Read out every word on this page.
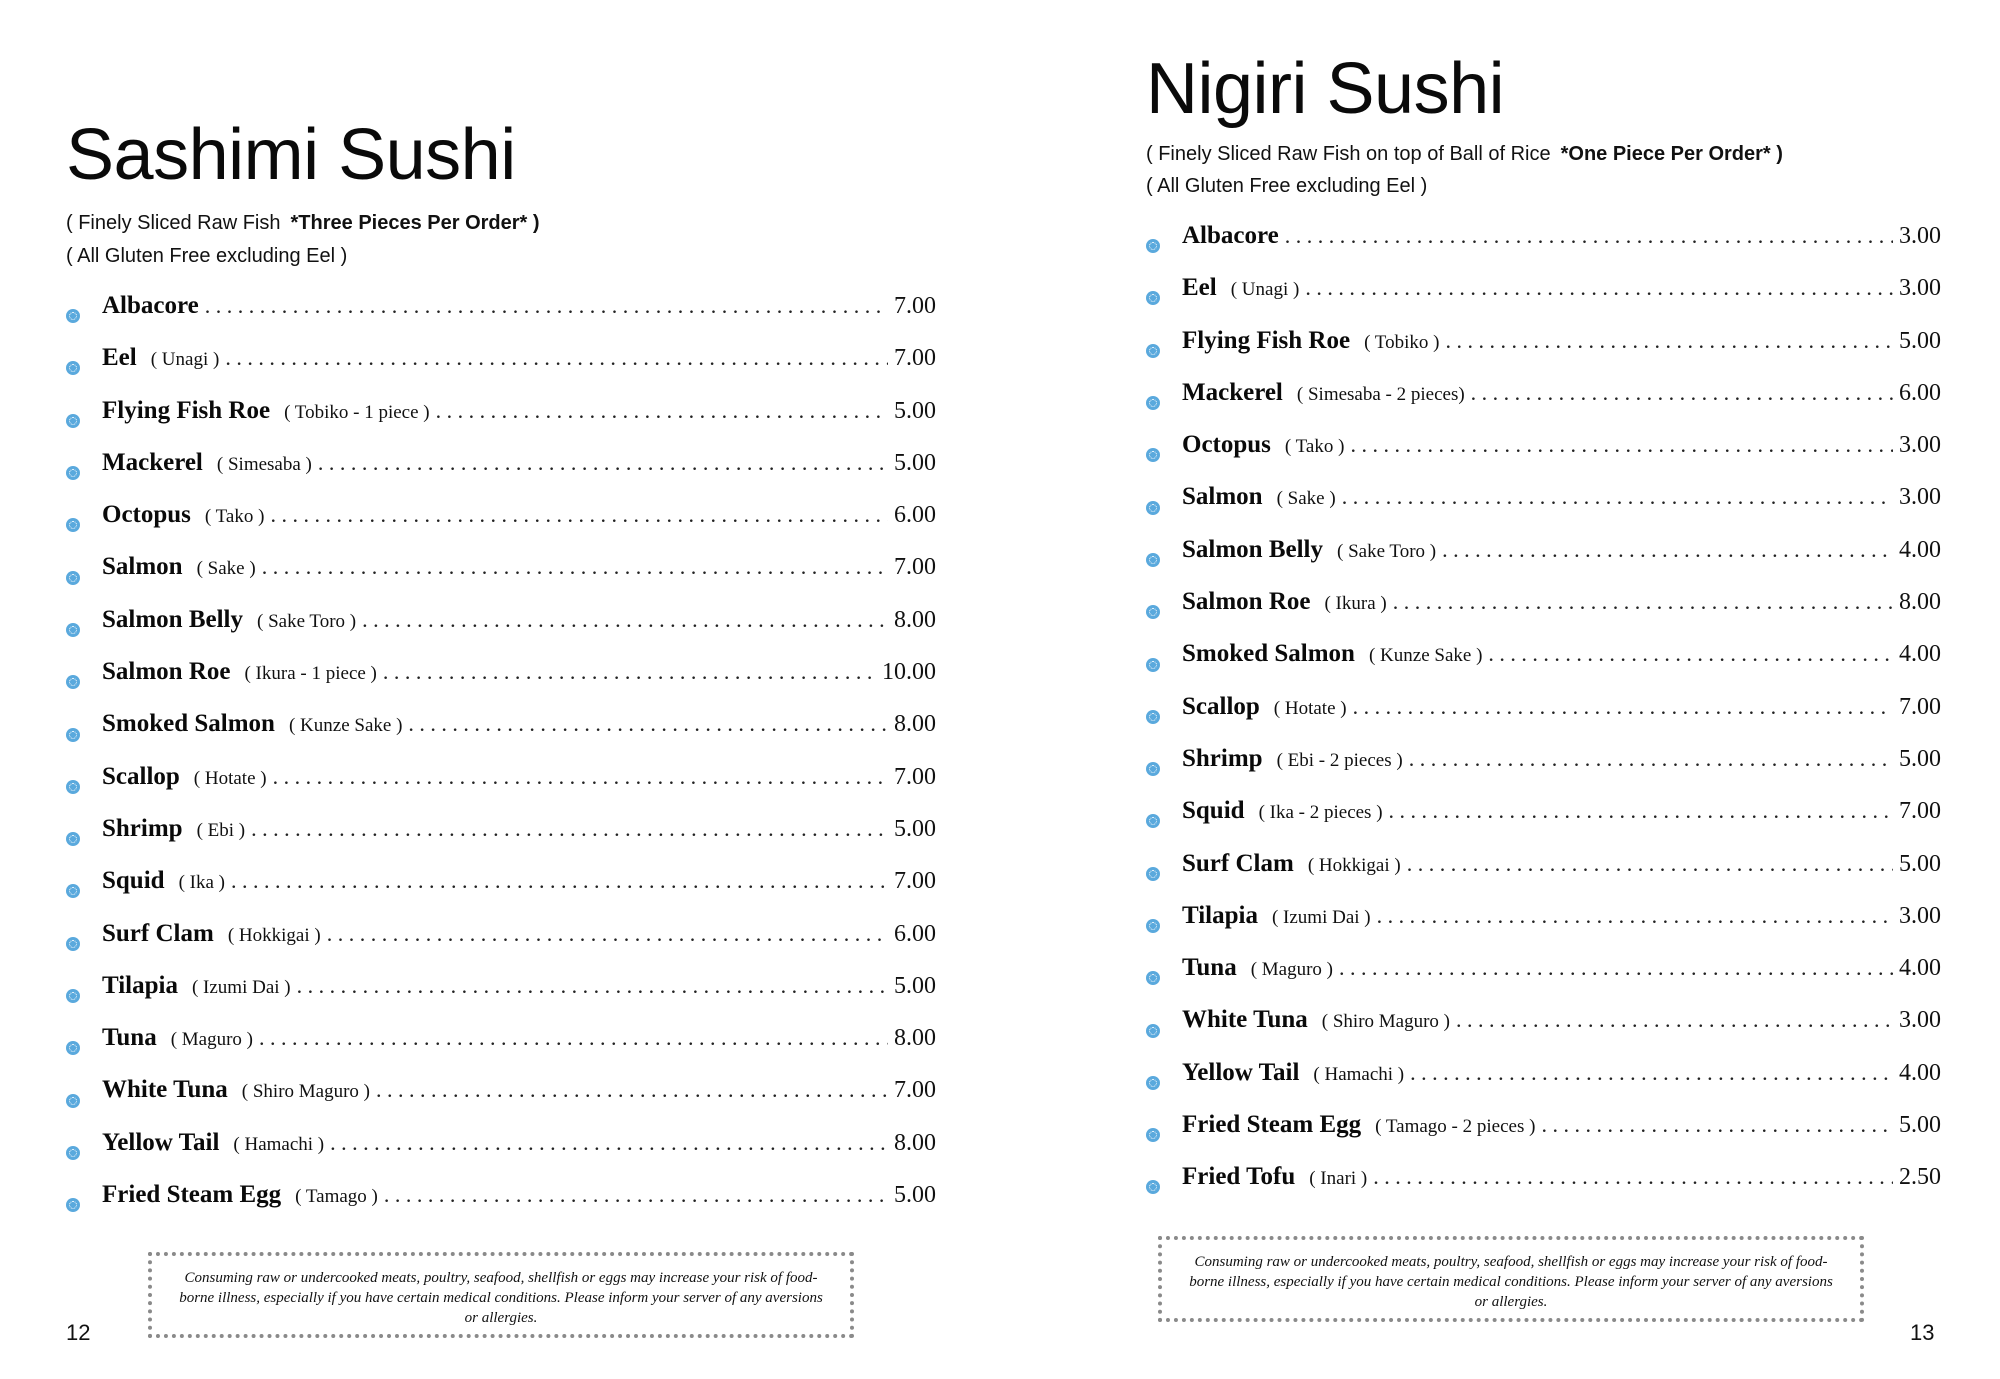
Sashimi Sushi

( Finely Sliced Raw Fish *Three Pieces Per Order* )

( All Gluten Free excluding Eel )

Albacore . . .	7.00
Eel ( Unagi ) . . .	7.00
Flying Fish Roe ( Tobiko - 1 piece ) . . .	5.00
Mackerel ( Simesaba ) . . .	5.00
Octopus ( Tako ) . . .	6.00
Salmon ( Sake ) . . .	7.00
Salmon Belly ( Sake Toro ) . . .	8.00
Salmon Roe ( Ikura - 1 piece ) . . .	10.00
Smoked Salmon ( Kunze Sake ) . . .	8.00
Scallop ( Hotate ) . . .	7.00
Shrimp ( Ebi ) . . .	5.00
Squid ( Ika ) . . .	7.00
Surf Clam ( Hokkigai ) . . .	6.00
Tilapia ( Izumi Dai ) . . .	5.00
Tuna ( Maguro ) . . .	8.00
White Tuna ( Shiro Maguro ) . . .	7.00
Yellow Tail ( Hamachi ) . . .	8.00
Fried Steam Egg ( Tamago ) . . .	5.00
Consuming raw or undercooked meats, poultry, seafood, shellfish or eggs may increase your risk of food-borne illness, especially if you have certain medical conditions. Please inform your server of any aversions or allergies.
12
Nigiri Sushi

( Finely Sliced Raw Fish on top of Ball of Rice *One Piece Per Order* )

( All Gluten Free excluding Eel )

Albacore . . .	3.00
Eel ( Unagi ) . . .	3.00
Flying Fish Roe ( Tobiko ) . . .	5.00
Mackerel ( Simesaba - 2 pieces) . . .	6.00
Octopus ( Tako ) . . .	3.00
Salmon ( Sake ) . . .	3.00
Salmon Belly ( Sake Toro ) . . .	4.00
Salmon Roe ( Ikura ) . . .	8.00
Smoked Salmon ( Kunze Sake ) . . .	4.00
Scallop ( Hotate ) . . .	7.00
Shrimp ( Ebi - 2 pieces ) . . .	5.00
Squid ( Ika - 2 pieces ) . . .	7.00
Surf Clam ( Hokkigai ) . . .	5.00
Tilapia ( Izumi Dai ) . . .	3.00
Tuna ( Maguro ) . . .	4.00
White Tuna ( Shiro Maguro ) . . .	3.00
Yellow Tail ( Hamachi ) . . .	4.00
Fried Steam Egg ( Tamago - 2 pieces ) . . .	5.00
Fried Tofu ( Inari ) . . .	2.50
Consuming raw or undercooked meats, poultry, seafood, shellfish or eggs may increase your risk of food-borne illness, especially if you have certain medical conditions. Please inform your server of any aversions or allergies.
13
